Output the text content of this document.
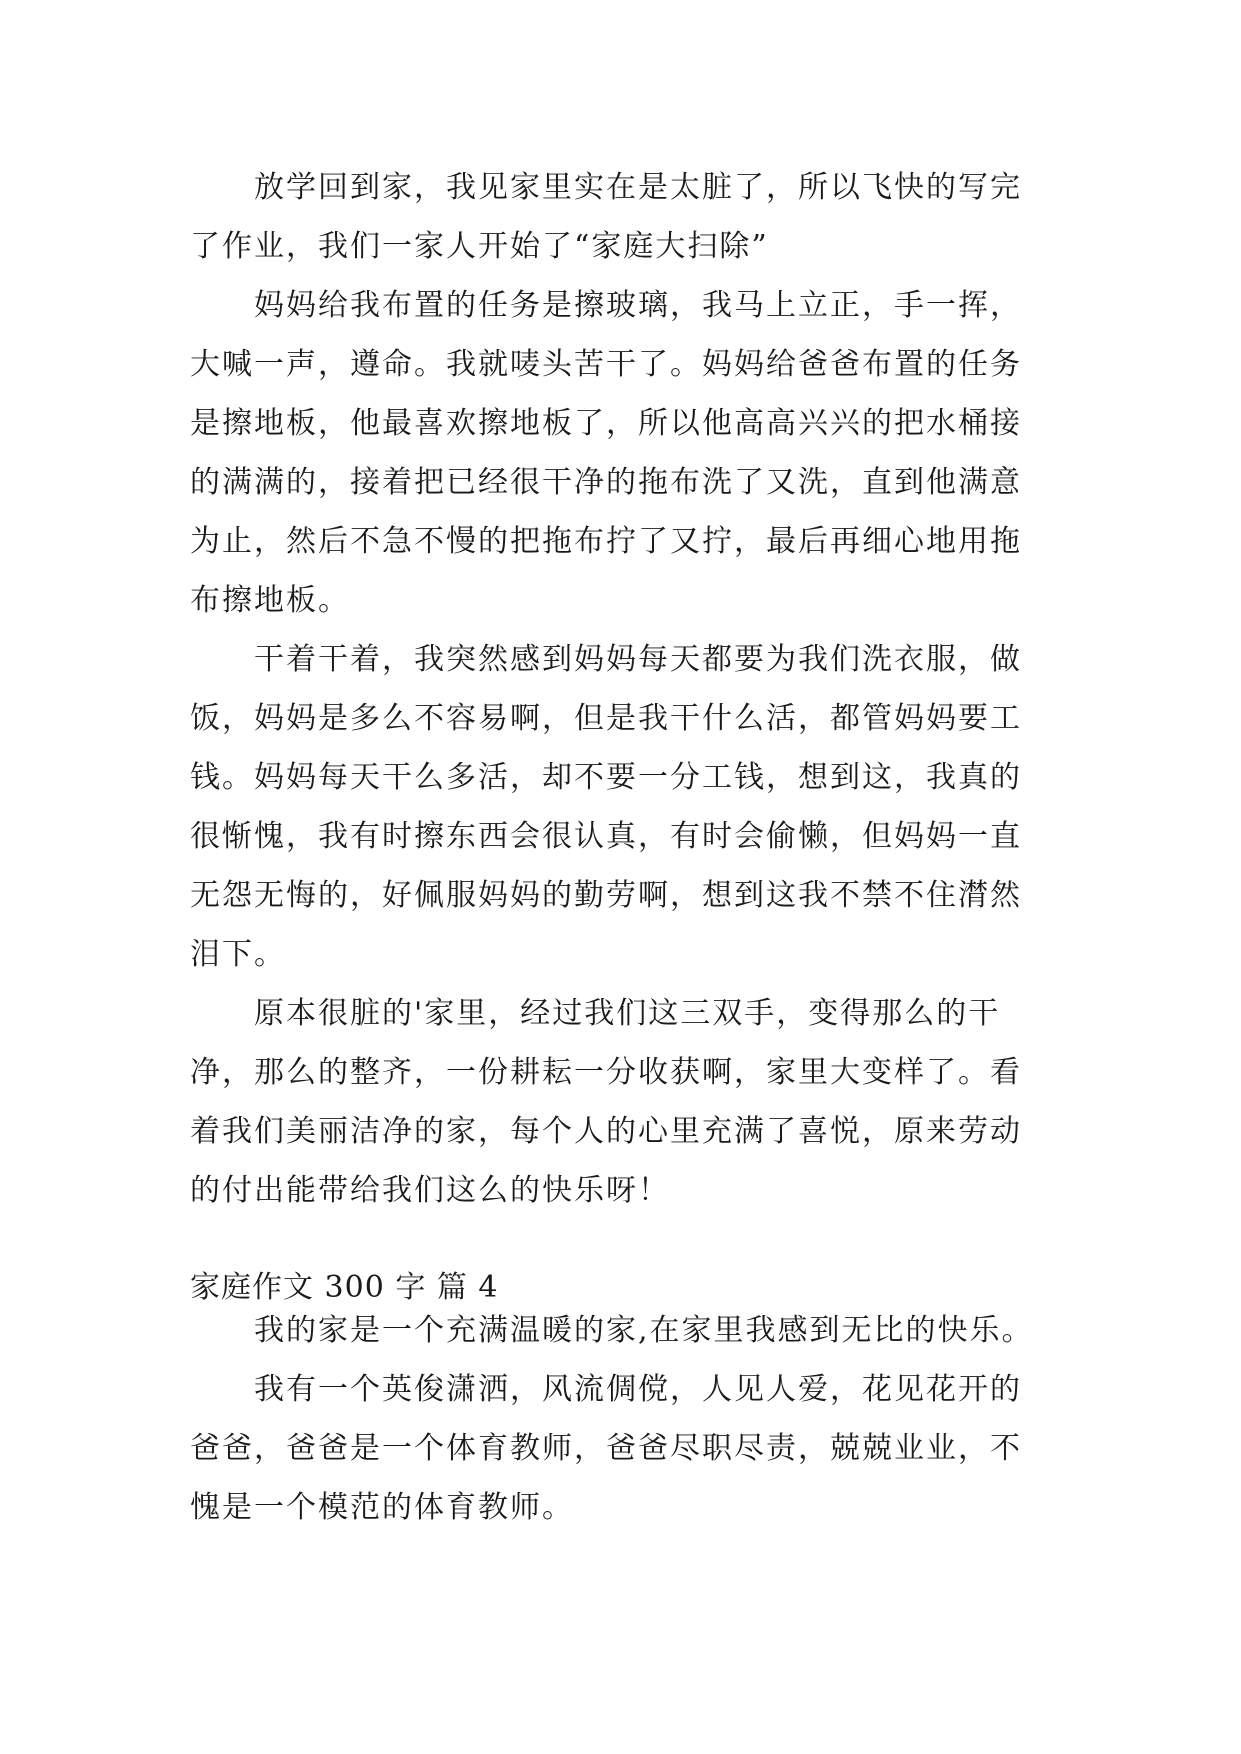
　　放学回到家，我见家里实在是太脏了，所以飞快的写完
了作业，我们一家人开始了“家庭大扫除”
　　妈妈给我布置的任务是擦玻璃，我马上立正，手一挥，
大喊一声，遵命。我就唛头苦干了。妈妈给爸爸布置的任务
是擦地板，他最喜欢擦地板了，所以他高高兴兴的把水桶接
的满满的，接着把已经很干净的拖布洗了又洗，直到他满意
为止，然后不急不慢的把拖布拧了又拧，最后再细心地用拖
布擦地板。
　　干着干着，我突然感到妈妈每天都要为我们洗衣服，做
饭，妈妈是多么不容易啊，但是我干什么活，都管妈妈要工
钱。妈妈每天干么多活，却不要一分工钱，想到这，我真的
很惭愧，我有时擦东西会很认真，有时会偷懒，但妈妈一直
无怨无悔的，好佩服妈妈的勤劳啊，想到这我不禁不住潸然
泪下。
　　原本很脏的'家里，经过我们这三双手，变得那么的干
净，那么的整齐，一份耕耘一分收获啊，家里大变样了。看
着我们美丽洁净的家，每个人的心里充满了喜悦，原来劳动
的付出能带给我们这么的快乐呀！
家庭作文 300 字 篇 4
　　我的家是一个充满温暖的家,在家里我感到无比的快乐。
　　我有一个英俊潇洒，风流倜傥，人见人爱，花见花开的
爸爸，爸爸是一个体育教师，爸爸尽职尽责，兢兢业业，不
愧是一个模范的体育教师。
